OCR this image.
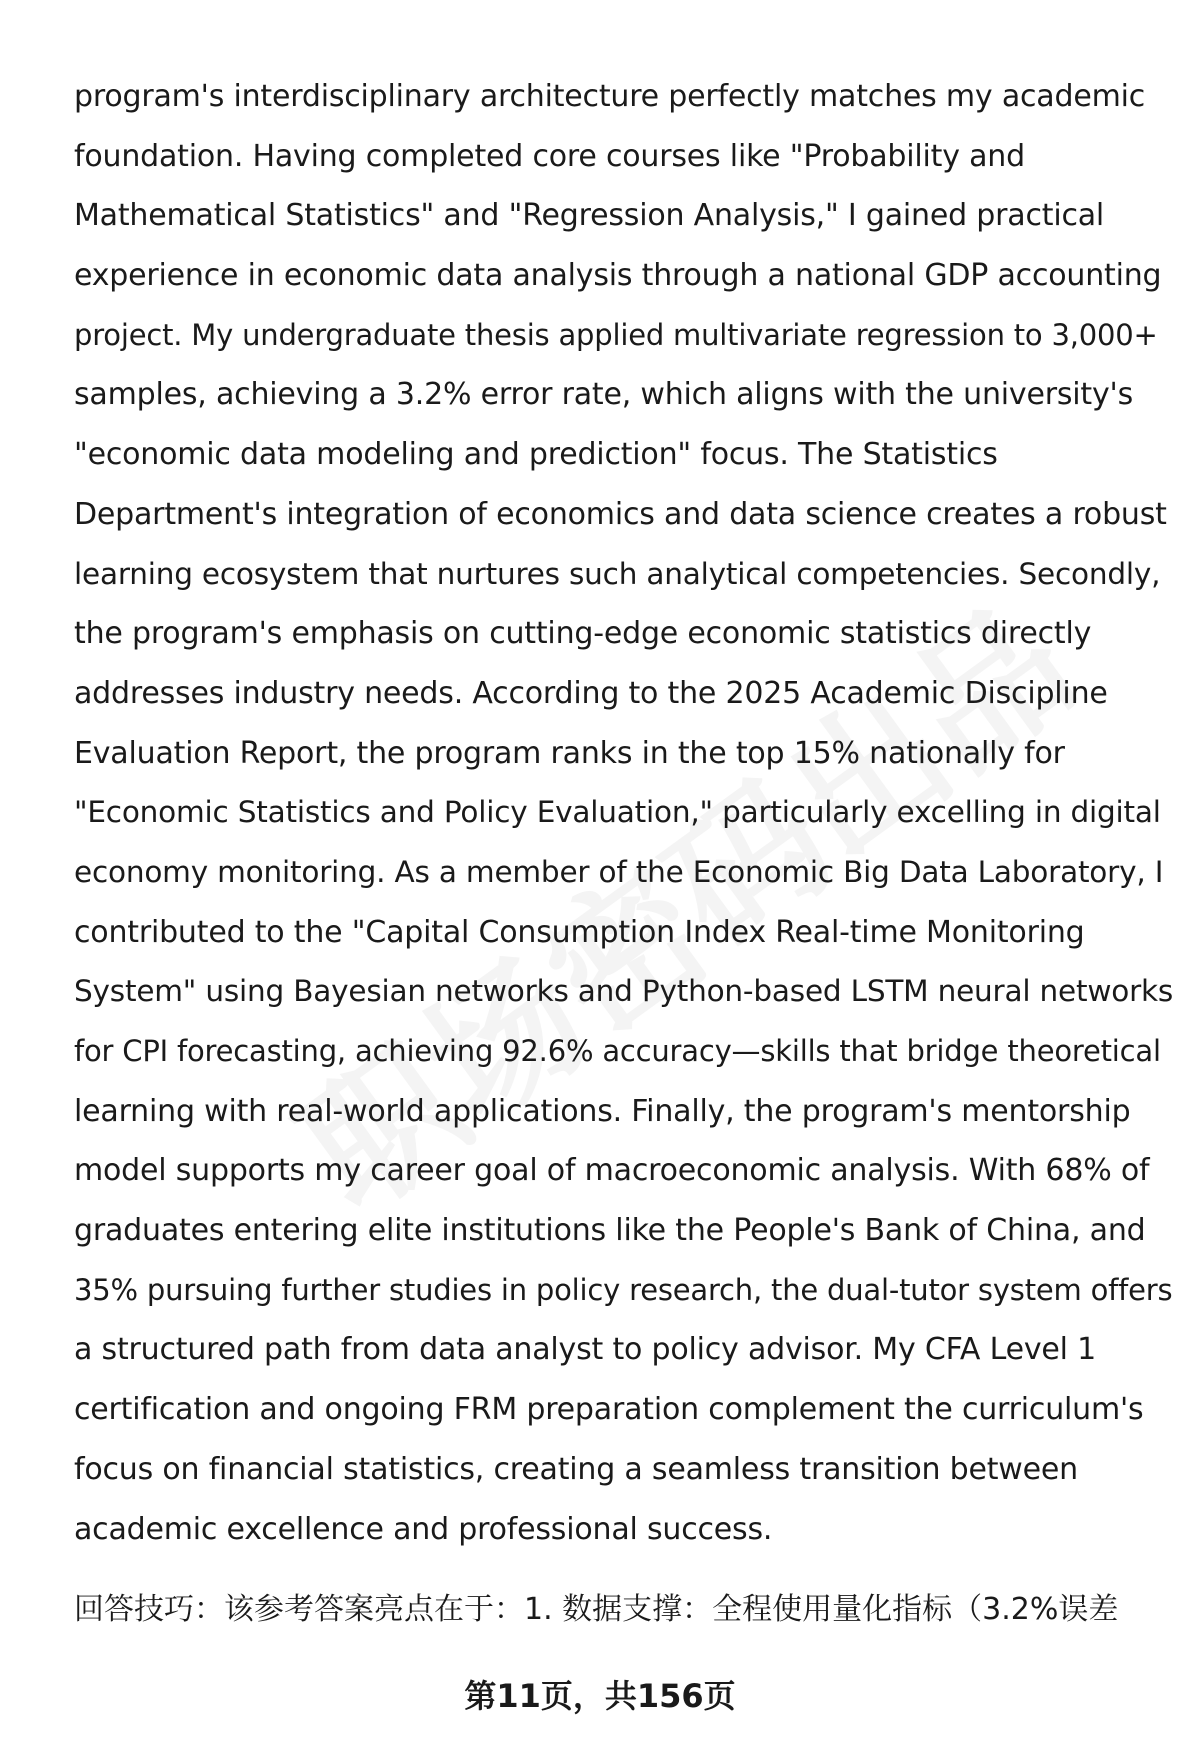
program's interdisciplinary architecture perfectly matches my academic
foundation. Having completed core courses like "Probability and
Mathematical Statistics" and "Regression Analysis," I gained practical
experience in economic data analysis through a national GDP accounting
project. My undergraduate thesis applied multivariate regression to 3,000+
samples, achieving a 3.2% error rate, which aligns with the university's
"economic data modeling and prediction" focus. The Statistics
Department's integration of economics and data science creates a robust
learning ecosystem that nurtures such analytical competencies. Secondly,
the program's emphasis on cutting-edge economic statistics directly
addresses industry needs. According to the 2025 Academic Discipline
Evaluation Report, the program ranks in the top 15% nationally for
"Economic Statistics and Policy Evaluation," particularly excelling in digital
economy monitoring. As a member of the Economic Big Data Laboratory, I
contributed to the "Capital Consumption Index Real-time Monitoring
System" using Bayesian networks and Python-based LSTM neural networks
for CPI forecasting, achieving 92.6% accuracy—skills that bridge theoretical
learning with real-world applications. Finally, the program's mentorship
model supports my career goal of macroeconomic analysis. With 68% of
graduates entering elite institutions like the People's Bank of China, and
35% pursuing further studies in policy research, the dual-tutor system offers
a structured path from data analyst to policy advisor. My CFA Level 1
certification and ongoing FRM preparation complement the curriculum's
focus on financial statistics, creating a seamless transition between
academic excellence and professional success.
回答技巧：该参考答案亮点在于：1. 数据支撑：全程使用量化指标（3.2%误差
第11页，共156页
